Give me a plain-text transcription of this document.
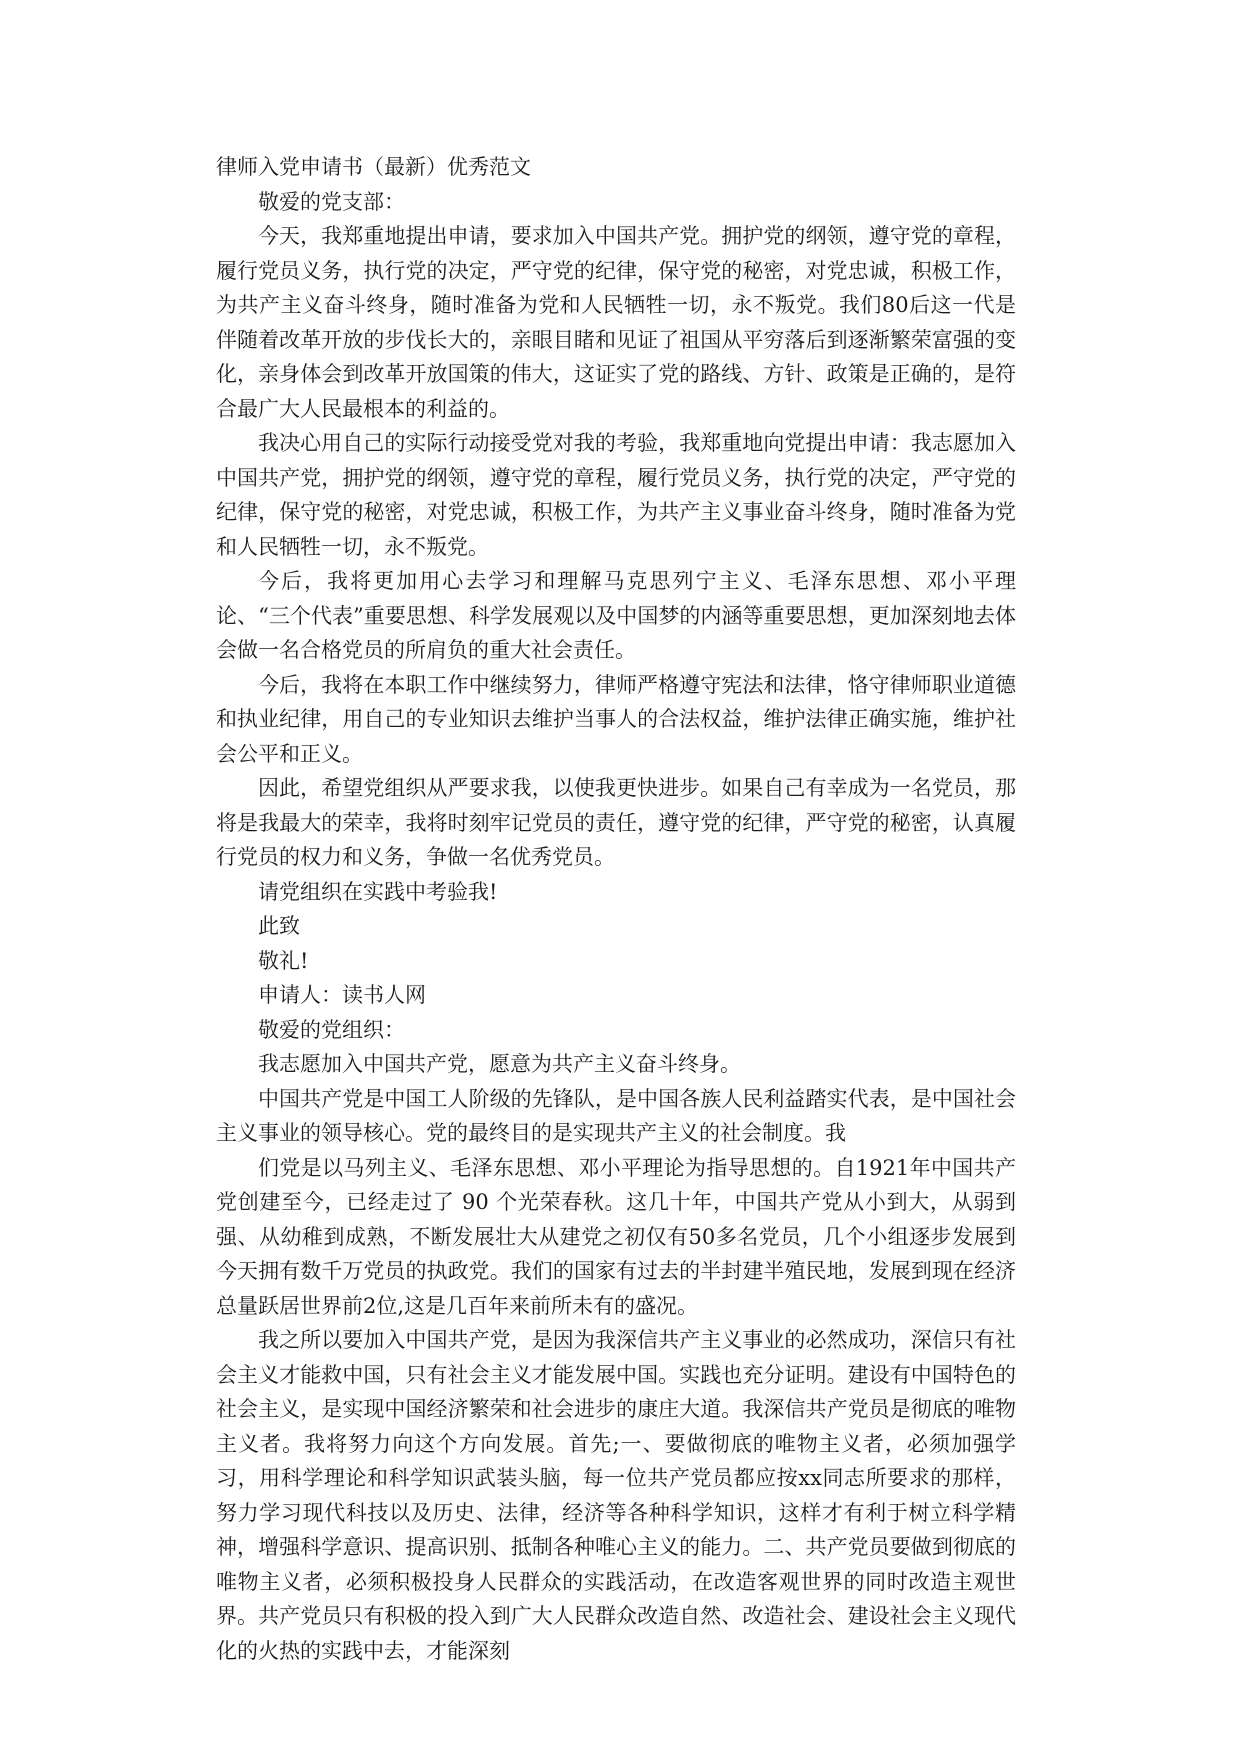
律师入党申请书（最新）优秀范文

敬爱的党支部：

今天，我郑重地提出申请，要求加入中国共产党。拥护党的纲领，遵守党的章程，履行党员义务，执行党的决定，严守党的纪律，保守党的秘密，对党忠诚，积极工作，为共产主义奋斗终身，随时准备为党和人民牺牲一切，永不叛党。我们80后这一代是伴随着改革开放的步伐长大的，亲眼目睹和见证了祖国从平穷落后到逐渐繁荣富强的变化，亲身体会到改革开放国策的伟大，这证实了党的路线、方针、政策是正确的，是符合最广大人民最根本的利益的。

我决心用自己的实际行动接受党对我的考验，我郑重地向党提出申请：我志愿加入中国共产党，拥护党的纲领，遵守党的章程，履行党员义务，执行党的决定，严守党的纪律，保守党的秘密，对党忠诚，积极工作，为共产主义事业奋斗终身，随时准备为党和人民牺牲一切，永不叛党。

今后，我将更加用心去学习和理解马克思列宁主义、毛泽东思想、邓小平理论、“三个代表”重要思想、科学发展观以及中国梦的内涵等重要思想，更加深刻地去体会做一名合格党员的所肩负的重大社会责任。

今后，我将在本职工作中继续努力，律师严格遵守宪法和法律，恪守律师职业道德和执业纪律，用自己的专业知识去维护当事人的合法权益，维护法律正确实施，维护社会公平和正义。

因此，希望党组织从严要求我，以使我更快进步。如果自己有幸成为一名党员，那将是我最大的荣幸，我将时刻牢记党员的责任，遵守党的纪律，严守党的秘密，认真履行党员的权力和义务，争做一名优秀党员。

请党组织在实践中考验我!

此致

敬礼!

申请人：读书人网

敬爱的党组织：

我志愿加入中国共产党，愿意为共产主义奋斗终身。

中国共产党是中国工人阶级的先锋队，是中国各族人民利益踏实代表，是中国社会主义事业的领导核心。党的最终目的是实现共产主义的社会制度。我

们党是以马列主义、毛泽东思想、邓小平理论为指导思想的。自1921年中国共产党创建至今，已经走过了 90 个光荣春秋。这几十年，中国共产党从小到大，从弱到强、从幼稚到成熟，不断发展壮大从建党之初仅有50多名党员，几个小组逐步发展到今天拥有数千万党员的执政党。我们的国家有过去的半封建半殖民地，发展到现在经济总量跃居世界前2位,这是几百年来前所未有的盛况。

我之所以要加入中国共产党，是因为我深信共产主义事业的必然成功，深信只有社会主义才能救中国，只有社会主义才能发展中国。实践也充分证明。建设有中国特色的社会主义，是实现中国经济繁荣和社会进步的康庄大道。我深信共产党员是彻底的唯物主义者。我将努力向这个方向发展。首先;一、要做彻底的唯物主义者，必须加强学习，用科学理论和科学知识武装头脑，每一位共产党员都应按xx同志所要求的那样，努力学习现代科技以及历史、法律，经济等各种科学知识，这样才有利于树立科学精神，增强科学意识、提高识别、抵制各种唯心主义的能力。二、共产党员要做到彻底的唯物主义者，必须积极投身人民群众的实践活动，在改造客观世界的同时改造主观世界。共产党员只有积极的投入到广大人民群众改造自然、改造社会、建设社会主义现代化的火热的实践中去，才能深刻
